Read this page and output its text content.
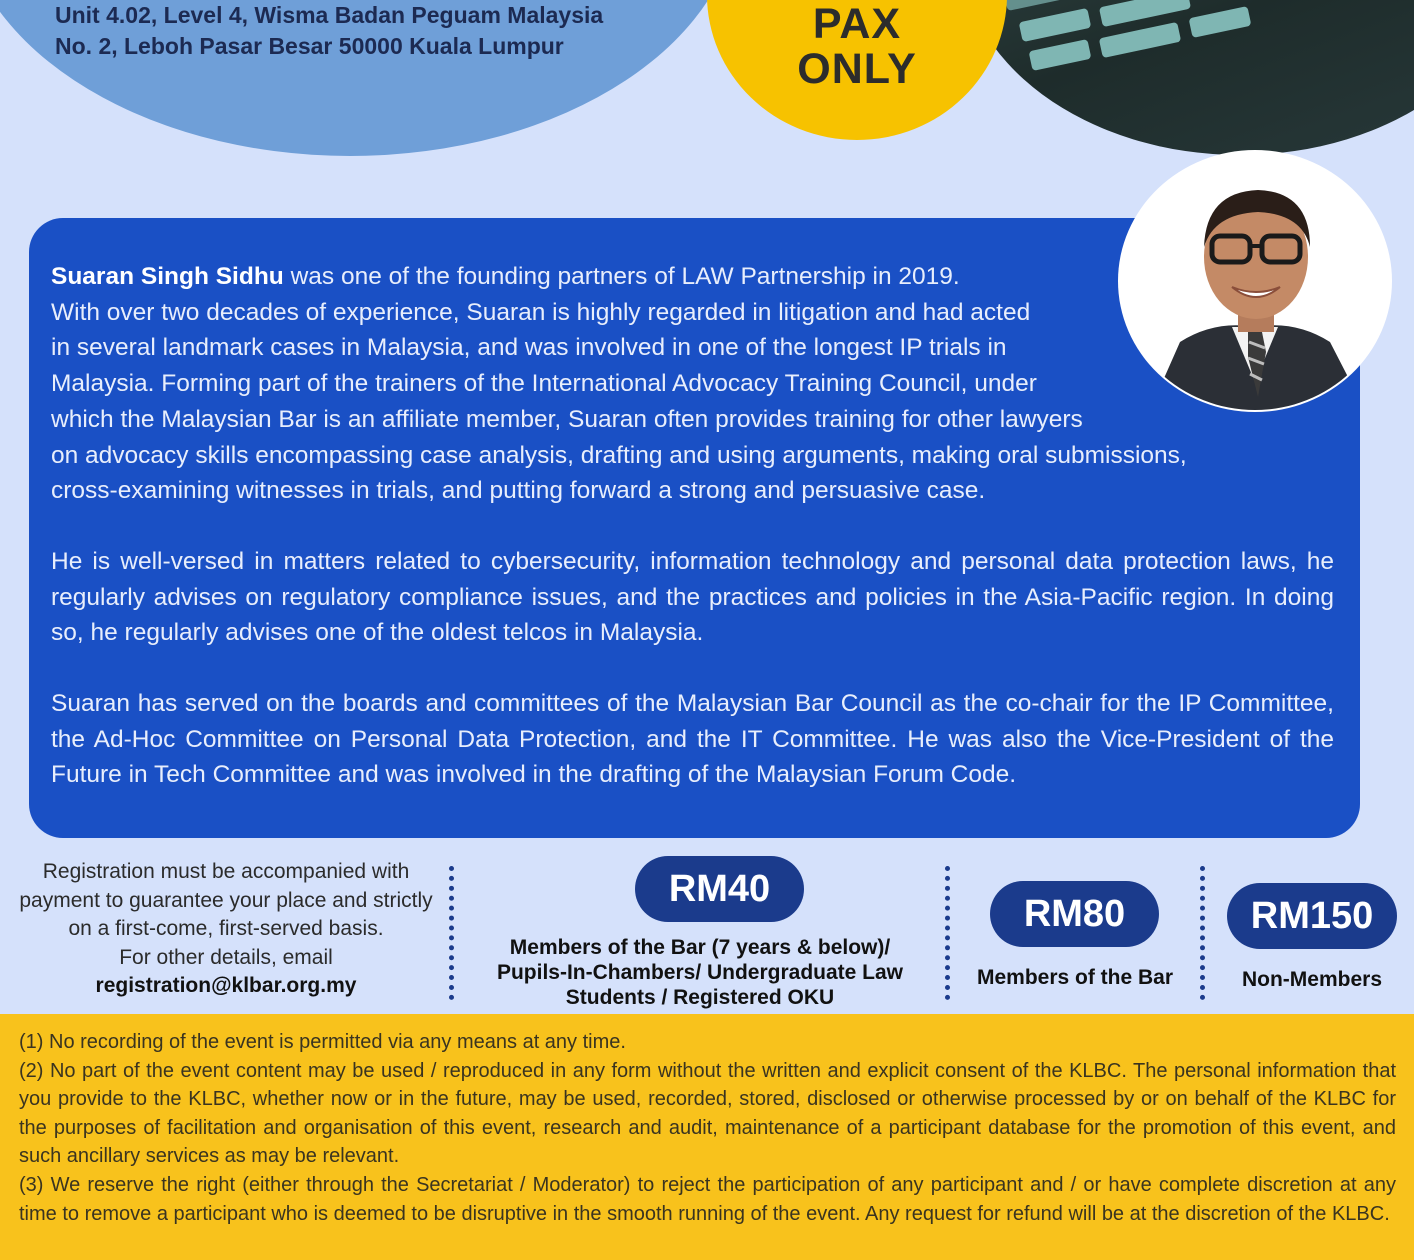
Unit 4.02, Level 4, Wisma Badan Peguam Malaysia
No. 2, Leboh Pasar Besar 50000 Kuala Lumpur	PAX
ONLY
Suaran Singh Sidhu was one of the founding partners of LAW Partnership in 2019.
With over two decades of experience, Suaran is highly regarded in litigation and had acted
in several landmark cases in Malaysia, and was involved in one of the longest IP trials in
Malaysia. Forming part of the trainers of the International Advocacy Training Council, under
which the Malaysian Bar is an affiliate member, Suaran often provides training for other lawyers
on advocacy skills encompassing case analysis, drafting and using arguments, making oral submissions,
cross-examining witnesses in trials, and putting forward a strong and persuasive case.
He is well-versed in matters related to cybersecurity, information technology and personal data protection laws, he regularly advises on regulatory compliance issues, and the practices and policies in the Asia-Pacific region. In doing so, he regularly advises one of the oldest telcos in Malaysia.
Suaran has served on the boards and committees of the Malaysian Bar Council as the co-chair for the IP Committee, the Ad-Hoc Committee on Personal Data Protection, and the IT Committee. He was also the Vice-President of the Future in Tech Committee and was involved in the drafting of the Malaysian Forum Code.
Registration must be accompanied with
payment to guarantee your place and strictly
on a first-come, first-served basis.
For other details, email
registration@klbar.org.my
RM40
Members of the Bar (7 years & below)/
Pupils-In-Chambers/ Undergraduate Law
Students / Registered OKU
RM80
Members of the Bar
RM150
Non-Members
(1) No recording of the event is permitted via any means at any time.
(2) No part of the event content may be used / reproduced in any form without the written and explicit consent of the KLBC. The personal information that you provide to the KLBC, whether now or in the future, may be used, recorded, stored, disclosed or otherwise processed by or on behalf of the KLBC for the purposes of facilitation and organisation of this event, research and audit, maintenance of a participant database for the promotion of this event, and such ancillary services as may be relevant.
(3) We reserve the right (either through the Secretariat / Moderator) to reject the participation of any participant and / or have complete discretion at any time to remove a participant who is deemed to be disruptive in the smooth running of the event. Any request for refund will be at the discretion of the KLBC.
